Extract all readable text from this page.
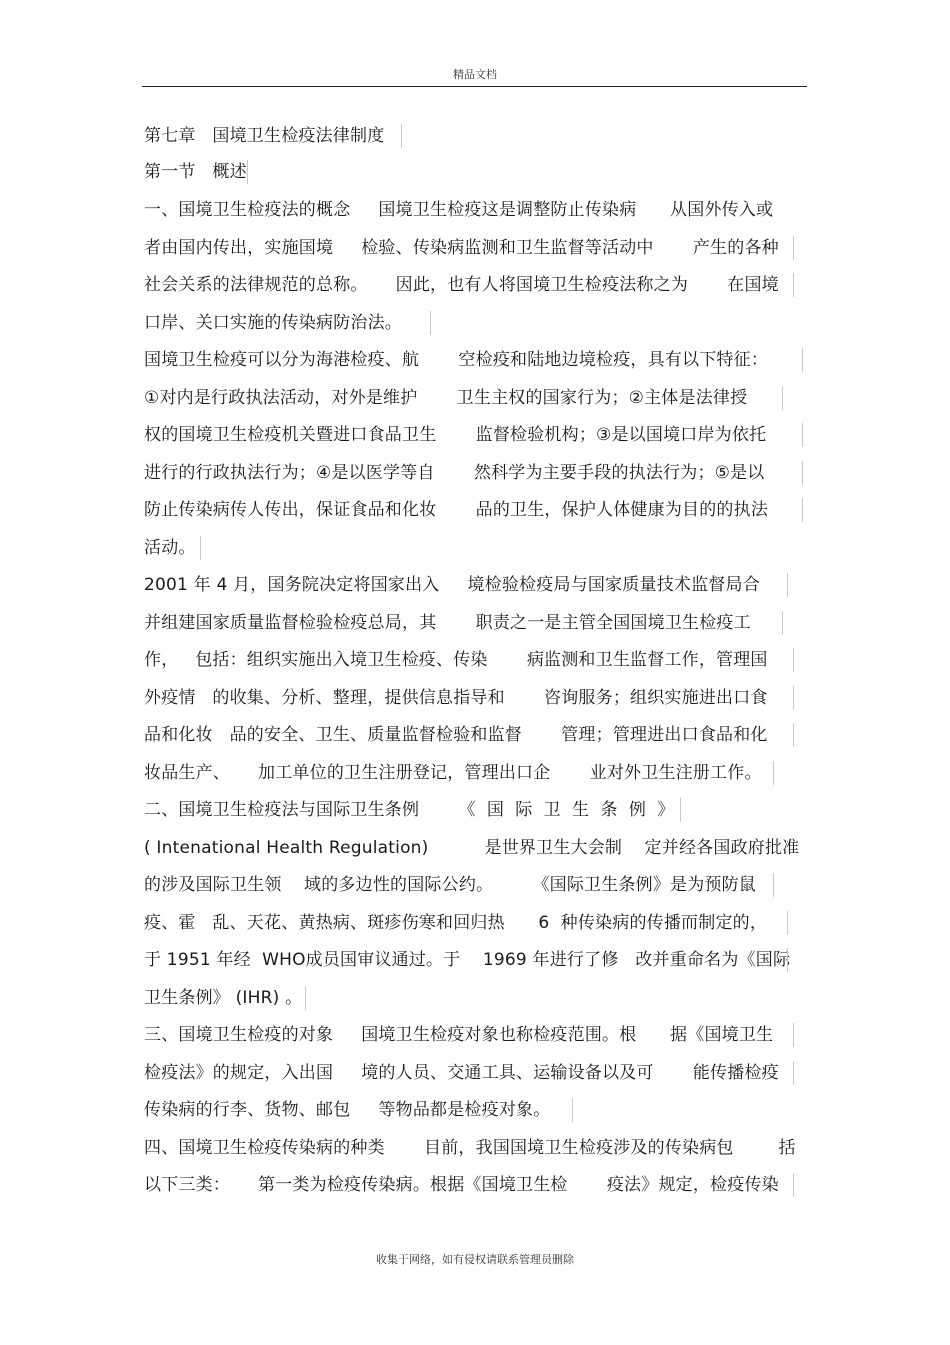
精品文档
第七章   国境卫生检疫法律制度
第一节   概述
一、国境卫生检疫法的概念     国境卫生检疫这是调整防止传染病      从国外传入或
者由国内传出，实施国境     检验、传染病监测和卫生监督等活动中       产生的各种
社会关系的法律规范的总称。     因此，也有人将国境卫生检疫法称之为       在国境
口岸、关口实施的传染病防治法。
国境卫生检疫可以分为海港检疫、航       空检疫和陆地边境检疫，具有以下特征：
①对内是行政执法活动，对外是维护       卫生主权的国家行为；②主体是法律授
权的国境卫生检疫机关暨进口食品卫生       监督检验机构；③是以国境口岸为依托
进行的行政执法行为；④是以医学等自       然科学为主要手段的执法行为；⑤是以
防止传染病传人传出，保证食品和化妆       品的卫生，保护人体健康为目的的执法
活动。
2001 年 4 月，国务院决定将国家出入     境检验检疫局与国家质量技术监督局合
并组建国家质量监督检验检疫总局，其       职责之一是主管全国国境卫生检疫工
作，   包括：组织实施出入境卫生检疫、传染       病监测和卫生监督工作，管理国
外疫情   的收集、分析、整理，提供信息指导和       咨询服务；组织实施进出口食
品和化妆   品的安全、卫生、质量监督检验和监督       管理；管理进出口食品和化
妆品生产、     加工单位的卫生注册登记，管理出口企       业对外卫生注册工作。
二、国境卫生检疫法与国际卫生条例       《  国  际  卫  生  条  例  》
( Intenational Health Regulation)          是世界卫生大会制    定并经各国政府批准
的涉及国际卫生领    域的多边性的国际公约。       《国际卫生条例》是为预防鼠
疫、霍   乱、天花、黄热病、斑疹伤寒和回归热      6  种传染病的传播而制定的，
于 1951 年经  WHO成员国审议通过。于    1969 年进行了修   改并重命名为《国际
卫生条例》 (IHR) 。
三、国境卫生检疫的对象     国境卫生检疫对象也称检疫范围。根      据《国境卫生
检疫法》的规定，入出国     境的人员、交通工具、运输设备以及可       能传播检疫
传染病的行李、货物、邮包     等物品都是检疫对象。
四、国境卫生检疫传染病的种类       目前，我国国境卫生检疫涉及的传染病包        括
以下三类：     第一类为检疫传染病。根据《国境卫生检       疫法》规定，检疫传染
收集于网络，如有侵权请联系管理员删除
